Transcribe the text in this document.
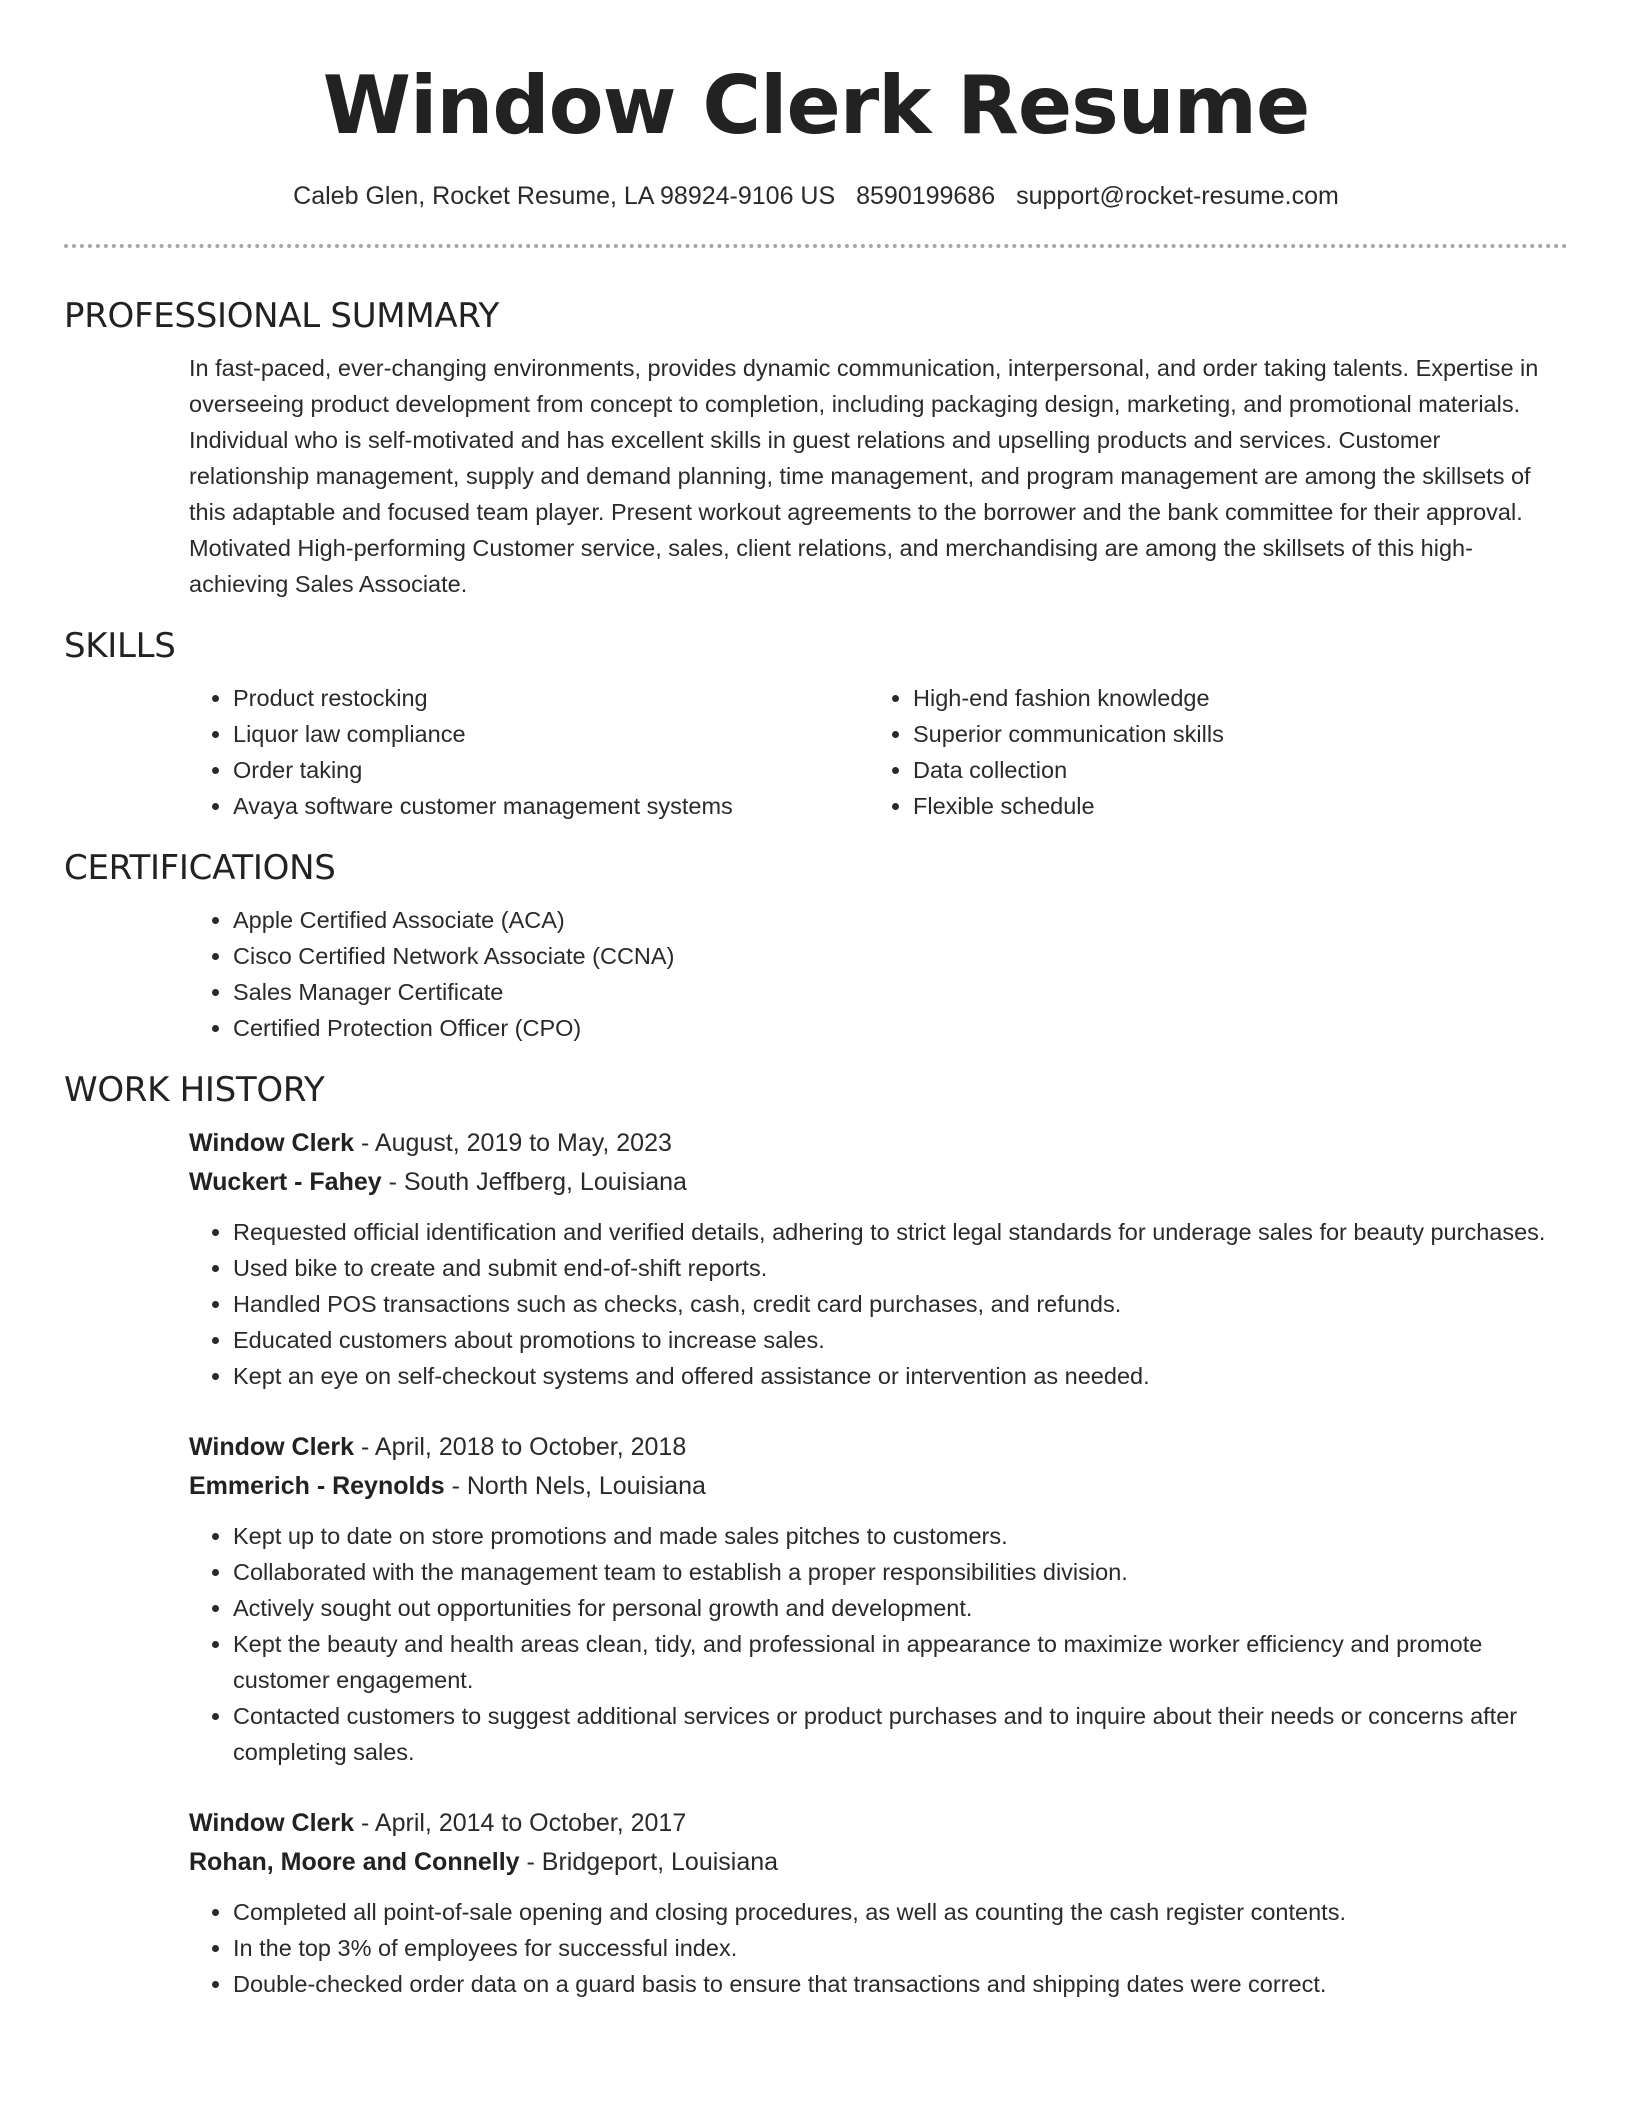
Window Clerk Resume
Caleb Glen, Rocket Resume, LA 98924-9106 US 8590199686 support@rocket-resume.com
PROFESSIONAL SUMMARY

In fast-paced, ever-changing environments, provides dynamic communication, interpersonal, and order taking talents. Expertise in overseeing product development from concept to completion, including packaging design, marketing, and promotional materials. Individual who is self-motivated and has excellent skills in guest relations and upselling products and services. Customer relationship management, supply and demand planning, time management, and program management are among the skillsets of this adaptable and focused team player. Present workout agreements to the borrower and the bank committee for their approval. Motivated High-performing Customer service, sales, client relations, and merchandising are among the skillsets of this high-achieving Sales Associate.

SKILLS
• Product restocking
• Liquor law compliance
• Order taking
• Avaya software customer management systems
• High-end fashion knowledge
• Superior communication skills
• Data collection
• Flexible schedule
CERTIFICATIONS
• Apple Certified Associate (ACA)
• Cisco Certified Network Associate (CCNA)
• Sales Manager Certificate
• Certified Protection Officer (CPO)
WORK HISTORY
Window Clerk - August, 2019 to May, 2023
Wuckert - Fahey - South Jeffberg, Louisiana
• Requested official identification and verified details, adhering to strict legal standards for underage sales for beauty purchases.
• Used bike to create and submit end-of-shift reports.
• Handled POS transactions such as checks, cash, credit card purchases, and refunds.
• Educated customers about promotions to increase sales.
• Kept an eye on self-checkout systems and offered assistance or intervention as needed.
Window Clerk - April, 2018 to October, 2018
Emmerich - Reynolds - North Nels, Louisiana
• Kept up to date on store promotions and made sales pitches to customers.
• Collaborated with the management team to establish a proper responsibilities division.
• Actively sought out opportunities for personal growth and development.
• Kept the beauty and health areas clean, tidy, and professional in appearance to maximize worker efficiency and promote customer engagement.
• Contacted customers to suggest additional services or product purchases and to inquire about their needs or concerns after completing sales.
Window Clerk - April, 2014 to October, 2017
Rohan, Moore and Connelly - Bridgeport, Louisiana
• Completed all point-of-sale opening and closing procedures, as well as counting the cash register contents.
• In the top 3% of employees for successful index.
• Double-checked order data on a guard basis to ensure that transactions and shipping dates were correct.
